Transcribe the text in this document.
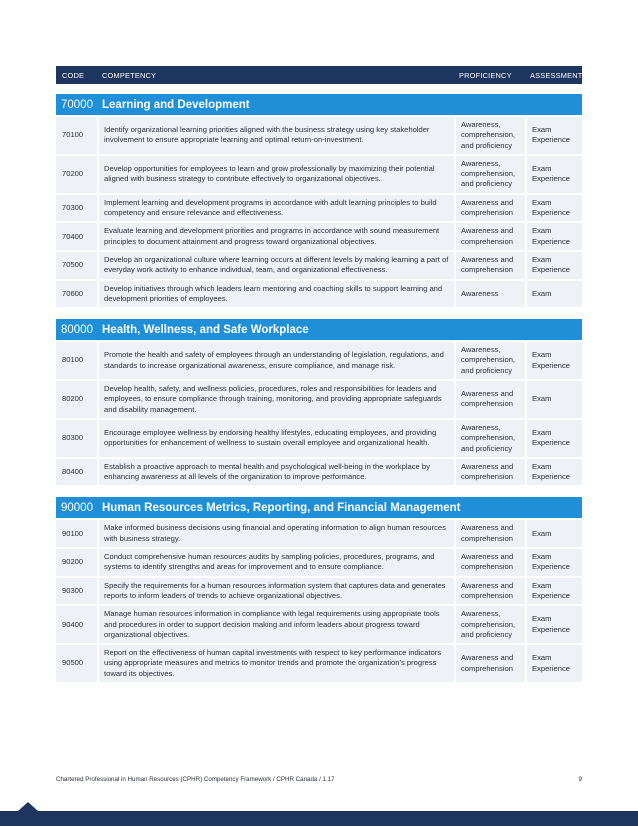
CODE	COMPETENCY	PROFICIENCY	ASSESSMENT
70000 Learning and Development
70100
Identify organizational learning priorities aligned with the business strategy using key stakeholder involvement to ensure appropriate learning and optimal return-on-investment.
Awareness, comprehension, and proficiency
Exam Experience
70200
Develop opportunities for employees to learn and grow professionally by maximizing their potential aligned with business strategy to contribute effectively to organizational objectives.
Awareness, comprehension, and proficiency
Exam Experience
70300
Implement learning and development programs in accordance with adult learning principles to build competency and ensure relevance and effectiveness.
Awareness and comprehension
Exam Experience
70400
Evaluate learning and development priorities and programs in accordance with sound measurement principles to document attainment and progress toward organizational objectives.
Awareness and comprehension
Exam Experience
70500
Develop an organizational culture where learning occurs at different levels by making learning a part of everyday work activity to enhance individual, team, and organizational effectiveness.
Awareness and comprehension
Exam Experience
70600
Develop initiatives through which leaders learn mentoring and coaching skills to support learning and development priorities of employees.
Awareness	Exam
80000 Health, Wellness, and Safe Workplace
80100
Promote the health and safety of employees through an understanding of legislation, regulations, and standards to increase organizational awareness, ensure compliance, and manage risk.
Awareness, comprehension, and proficiency
Exam Experience
80200
Develop health, safety, and wellness policies, procedures, roles and responsibilities for leaders and employees, to ensure compliance through training, monitoring, and providing appropriate safeguards and disability management.
Awareness and comprehension
Exam
80300
Encourage employee wellness by endorsing healthy lifestyles, educating employees, and providing opportunities for enhancement of wellness to sustain overall employee and organizational health.
Awareness, comprehension, and proficiency
Exam Experience
80400
Establish a proactive approach to mental health and psychological well-being in the workplace by enhancing awareness at all levels of the organization to improve performance.
Awareness and comprehension
Exam Experience
90000 Human Resources Metrics, Reporting, and Financial Management
90100
Make informed business decisions using financial and operating information to align human resources with business strategy.
Awareness and comprehension
Exam
90200
Conduct comprehensive human resources audits by sampling policies, procedures, programs, and systems to identify strengths and areas for improvement and to ensure compliance.
Awareness and comprehension
Exam Experience
90300
Specify the requirements for a human resources information system that captures data and generates reports to inform leaders of trends to achieve organizational objectives.
Awareness and comprehension
Exam Experience
90400
Manage human resources information in compliance with legal requirements using appropriate tools and procedures in order to support decision making and inform leaders about progress toward organizational objectives.
Awareness, comprehension, and proficiency
Exam Experience
90500
Report on the effectiveness of human capital investments with respect to key performance indicators using appropriate measures and metrics to monitor trends and promote the organization’s progress toward its objectives.
Awareness and comprehension
Exam Experience
Chartered Professional in Human Resources (CPHR) Competency Framework / CPHR Canada / 1.17	9
